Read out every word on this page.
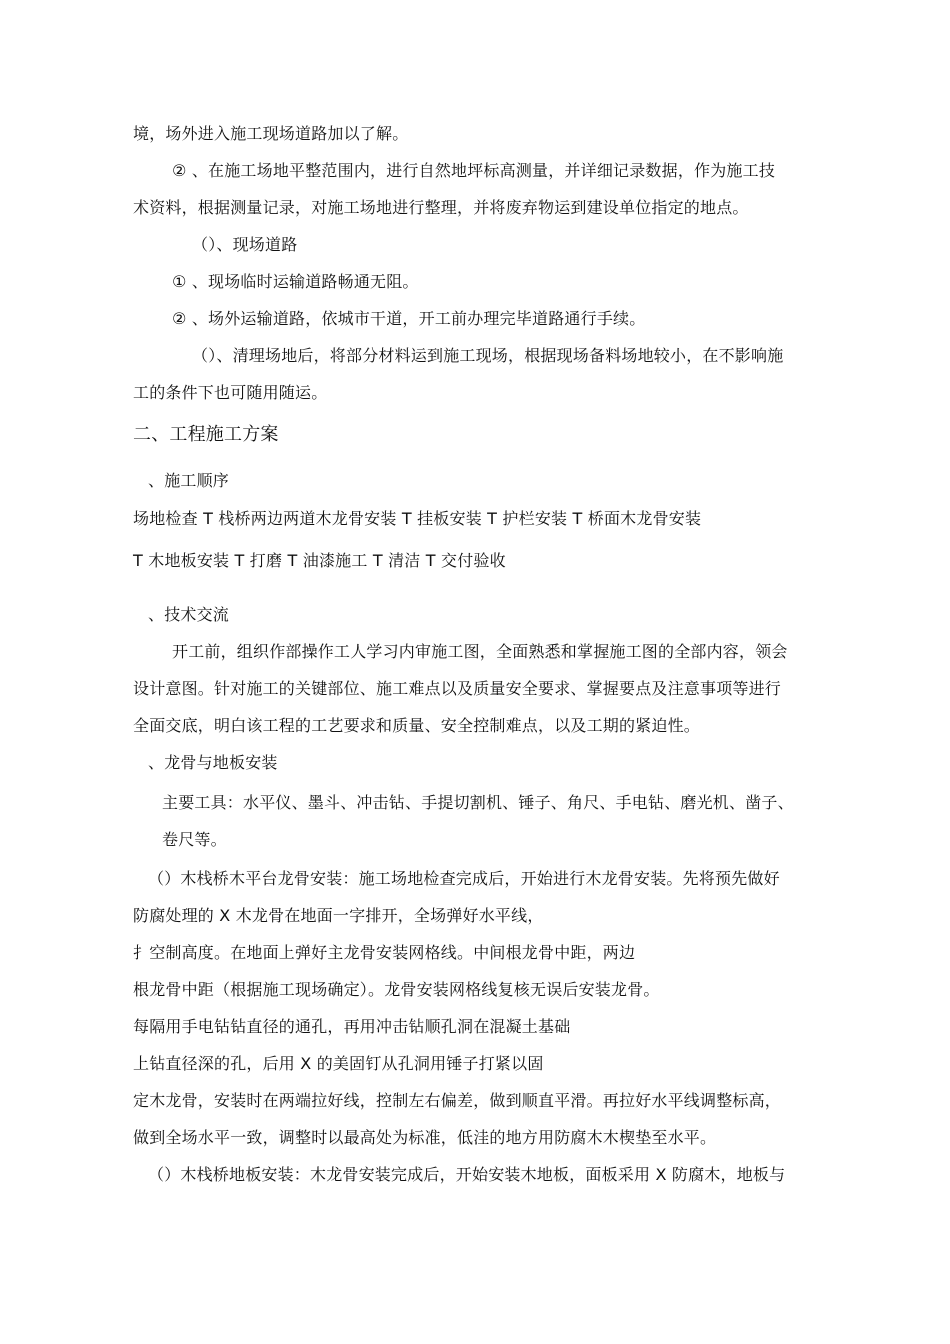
境，场外进入施工现场道路加以了解。

② 、在施工场地平整范围内，进行自然地坪标高测量，并详细记录数据，作为施工技

术资料，根据测量记录，对施工场地进行整理，并将废弃物运到建设单位指定的地点。

（）、现场道路

① 、现场临时运输道路畅通无阻。

② 、场外运输道路，依城市干道，开工前办理完毕道路通行手续。

（）、清理场地后，将部分材料运到施工现场，根据现场备料场地较小，在不影响施

工的条件下也可随用随运。

二、工程施工方案

、施工顺序

场地检查 T 栈桥两边两道木龙骨安装 T 挂板安装 T 护栏安装 T 桥面木龙骨安装

T 木地板安装 T 打磨 T 油漆施工 T 清洁 T 交付验收

、技术交流

开工前，组织作部操作工人学习内审施工图，全面熟悉和掌握施工图的全部内容，领会

设计意图。针对施工的关键部位、施工难点以及质量安全要求、掌握要点及注意事项等进行

全面交底，明白该工程的工艺要求和质量、安全控制难点，以及工期的紧迫性。

、龙骨与地板安装

主要工具：水平仪、墨斗、冲击钻、手提切割机、锤子、角尺、手电钻、磨光机、凿子、

卷尺等。

（）木栈桥木平台龙骨安装：施工场地检查完成后，开始进行木龙骨安装。先将预先做好

防腐处理的 X 木龙骨在地面一字排开，全场弹好水平线，

扌空制高度。在地面上弹好主龙骨安装网格线。中间根龙骨中距，两边

根龙骨中距（根据施工现场确定）。龙骨安装网格线复核无误后安装龙骨。

每隔用手电钻钻直径的通孔，再用冲击钻顺孔洞在混凝土基础

上钻直径深的孔，后用 X 的美固钉从孔洞用锤子打紧以固

定木龙骨，安装时在两端拉好线，控制左右偏差，做到顺直平滑。再拉好水平线调整标高，

做到全场水平一致，调整时以最高处为标准，低洼的地方用防腐木木楔垫至水平。

（）木栈桥地板安装：木龙骨安装完成后，开始安装木地板，面板采用 X 防腐木，地板与
